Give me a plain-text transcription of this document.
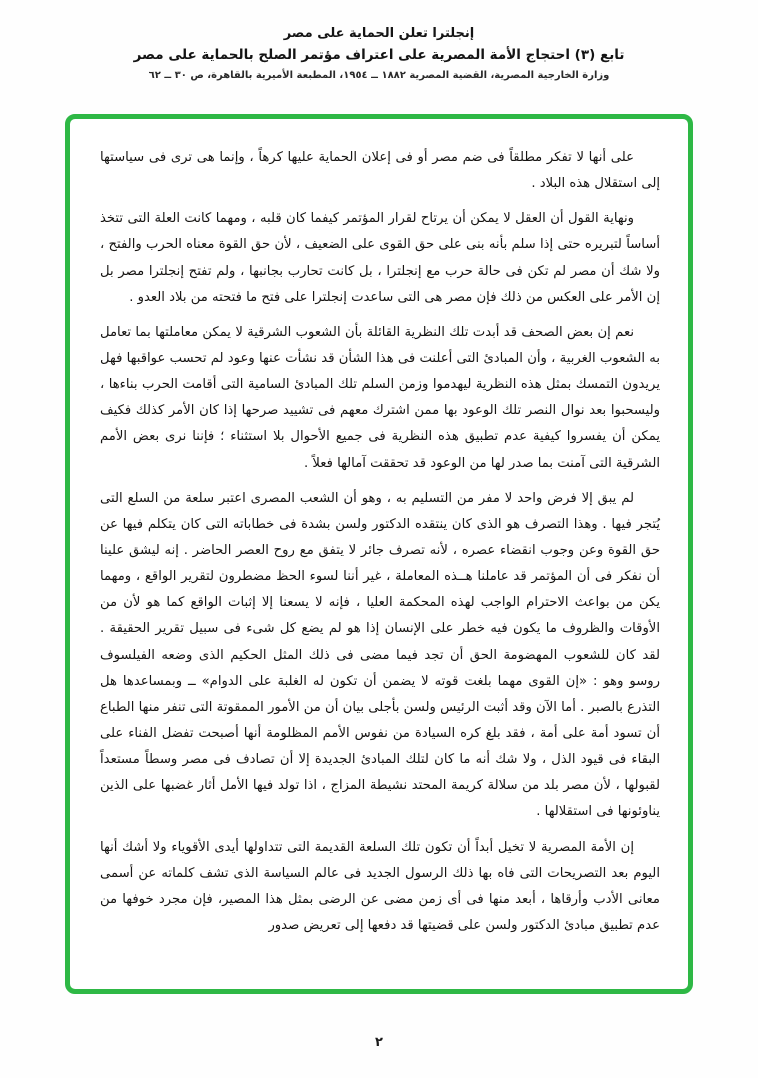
إنجلترا تعلن الحماية على مصر
تابع (٣) احتجاج الأمة المصرية على اعتراف مؤتمر الصلح بالحماية على مصر
وزارة الخارجية المصرية، القضية المصرية ١٨٨٢ ــ ١٩٥٤، المطبعة الأميرية بالقاهرة، ص ٣٠ ــ ٦٢

على أنها لا تفكر مطلقاً فى ضم مصر أو فى إعلان الحماية عليها كرهاً ، وإنما هى ترى فى سياستها إلى استقلال هذه البلاد .

ونهاية القول أن العقل لا يمكن أن يرتاح لقرار المؤتمر كيفما كان قلبه ، ومهما كانت العلة التى تتخذ أساساً لتبريره حتى إذا سلم بأنه بنى على حق القوى على الضعيف ، لأن حق القوة معناه الحرب والفتح ، ولا شك أن مصر لم تكن فى حالة حرب مع إنجلترا ، بل كانت تحارب بجانبها ، ولم تفتح إنجلترا مصر بل إن الأمر على العكس من ذلك فإن مصر هى التى ساعدت إنجلترا على فتح ما فتحته من بلاد العدو .

نعم إن بعض الصحف قد أبدت تلك النظرية القائلة بأن الشعوب الشرقية لا يمكن معاملتها بما تعامل به الشعوب الغربية ، وأن المبادئ التى أعلنت فى هذا الشأن قد نشأت عنها وعود لم تحسب عواقبها فهل يريدون التمسك بمثل هذه النظرية ليهدموا وزمن السلم تلك المبادئ السامية التى أقامت الحرب بناءها ، وليسحبوا بعد نوال النصر تلك الوعود بها ممن اشترك معهم فى تشييد صرحها إذا كان الأمر كذلك فكيف يمكن أن يفسروا كيفية عدم تطبيق هذه النظرية فى جميع الأحوال بلا استثناء ؛ فإننا نرى بعض الأمم الشرقية التى آمنت بما صدر لها من الوعود قد تحققت آمالها فعلاً .

لم يبق إلا فرض واحد لا مفر من التسليم به ، وهو أن الشعب المصرى اعتبر سلعة من السلع التى يُتجر فيها . وهذا التصرف هو الذى كان ينتقده الدكتور ولسن بشدة فى خطاباته التى كان يتكلم فيها عن حق القوة وعن وجوب انقضاء عصره ، لأنه تصرف جائر لا يتفق مع روح العصر الحاضر . إنه ليشق علينا أن نفكر فى أن المؤتمر قد عاملنا هــذه المعاملة ، غير أننا لسوء الحظ مضطرون لتقرير الواقع ، ومهما يكن من بواعث الاحترام الواجب لهذه المحكمة العليا ، فإنه لا يسعنا إلا إثبات الواقع كما هو لأن من الأوقات والظروف ما يكون فيه خطر على الإنسان إذا هو لم يضع كل شىء فى سبيل تقرير الحقيقة . لقد كان للشعوب المهضومة الحق أن تجد فيما مضى فى ذلك المثل الحكيم الذى وضعه الفيلسوف روسو وهو : «إن القوى مهما بلغت قوته لا يضمن أن تكون له الغلبة على الدوام» ــ وبمساعدها هل التذرع بالصبر . أما الآن وقد أثبت الرئيس ولسن بأجلى بيان أن من الأمور الممقوتة التى تنفر منها الطباع أن تسود أمة على أمة ، فقد بلغ كره السيادة من نفوس الأمم المظلومة أنها أصبحت تفضل الفناء على البقاء فى قيود الذل ، ولا شك أنه ما كان لتلك المبادئ الجديدة إلا أن تصادف فى مصر وسطاً مستعداً لقبولها ، لأن مصر بلد من سلالة كريمة المحتد نشيطة المزاج ، اذا تولد فيها الأمل أثار غضبها على الذين يناوئونها فى استقلالها .

إن الأمة المصرية لا تخيل أبداً أن تكون تلك السلعة القديمة التى تتداولها أيدى الأقوياء ولا أشك أنها اليوم بعد التصريحات التى فاه بها ذلك الرسول الجديد فى عالم السياسة الذى تشف كلماته عن أسمى معانى الأدب وأرقاها ، أبعد منها فى أى زمن مضى عن الرضى بمثل هذا المصير، فإن مجرد خوفها من عدم تطبيق مبادئ الدكتور ولسن على قضيتها قد دفعها إلى تعريض صدور

٢
